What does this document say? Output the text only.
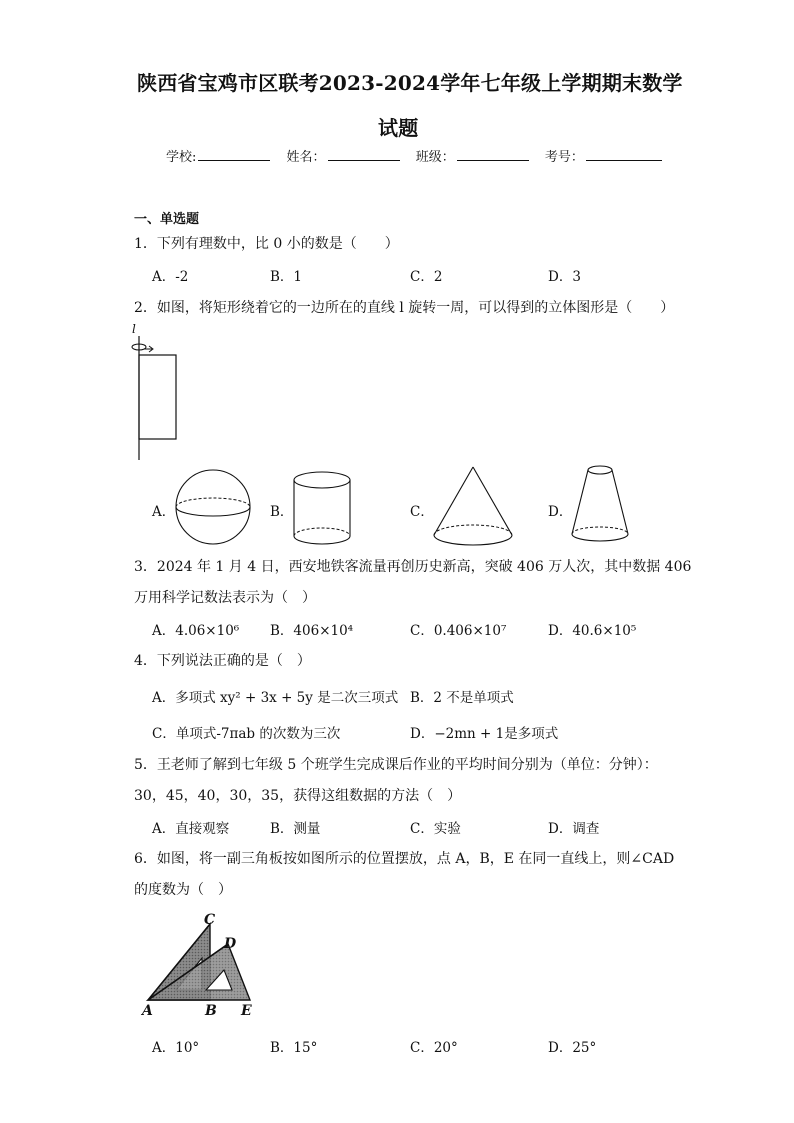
陕西省宝鸡市区联考2023-2024学年七年级上学期期末数学
试题
学校:	姓名：	班级：	考号：
一、单选题
1．下列有理数中，比 0 小的数是（　　）
A．-2	B．1	C．2	D．3
2．如图，将矩形绕着它的一边所在的直线 l 旋转一周，可以得到的立体图形是（　　）
l
A．	B．	C．	D．
3．2024 年 1 月 4 日，西安地铁客流量再创历史新高，突破 406 万人次，其中数据 406
万用科学记数法表示为（　）
A．4.06×10⁶ B．406×10⁴	C．0.406×10⁷	D．40.6×10⁵
4．下列说法正确的是（　）
A．多项式 xy² + 3x + 5y 是二次三项式 B．2 不是单项式
C．单项式-7πab 的次数为三次	D．−2mn + 1是多项式
5．王老师了解到七年级 5 个班学生完成课后作业的平均时间分别为（单位：分钟）：
30，45，40，30，35，获得这组数据的方法（　）
A．直接观察	B．测量	C．实验	D．调查
6．如图，将一副三角板按如图所示的位置摆放，点 A，B，E 在同一直线上，则∠CAD
的度数为（　）
C
D
A	B E
A．10°	B．15°	C．20°	D．25°
